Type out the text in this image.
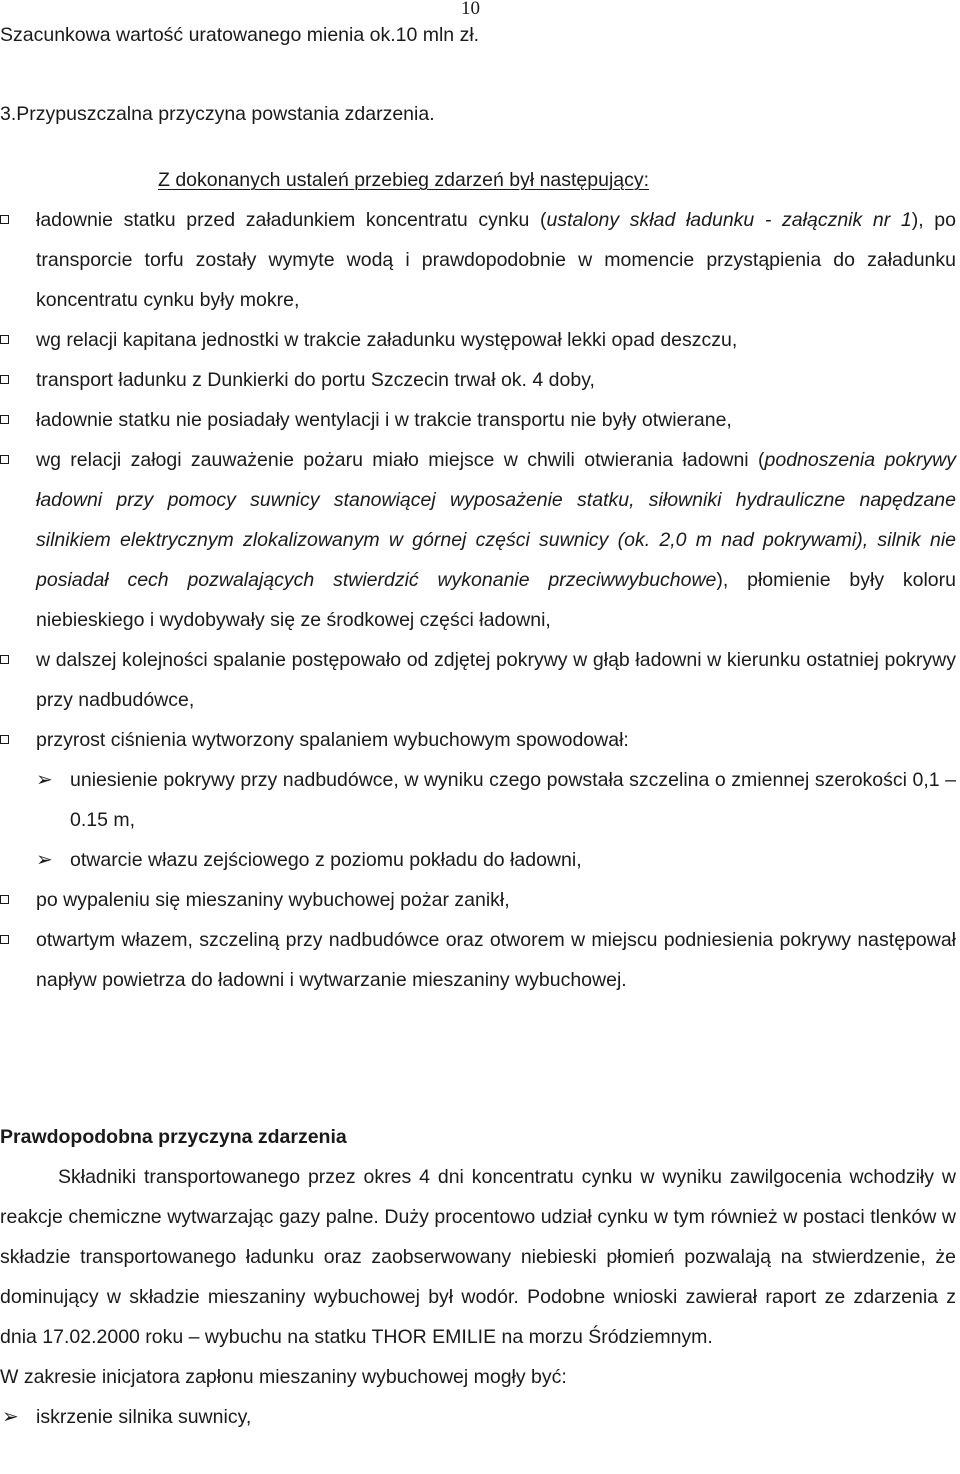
10
Szacunkowa wartość uratowanego mienia ok.10 mln zł.
3.Przypuszczalna przyczyna powstania zdarzenia.
Z dokonanych ustaleń przebieg zdarzeń był następujący:
ładownie statku przed załadunkiem koncentratu cynku (ustalony skład ładunku - załącznik nr 1), po transporcie torfu zostały wymyte wodą i prawdopodobnie w momencie przystąpienia do załadunku koncentratu cynku były mokre,
wg relacji kapitana jednostki w trakcie załadunku występował lekki opad deszczu,
transport ładunku z Dunkierki do portu Szczecin trwał ok. 4 doby,
ładownie statku nie posiadały wentylacji i w trakcie transportu nie były otwierane,
wg relacji załogi zauważenie pożaru miało miejsce w chwili otwierania ładowni (podnoszenia pokrywy ładowni przy pomocy suwnicy stanowiącej wyposażenie statku, siłowniki hydrauliczne napędzane silnikiem elektrycznym zlokalizowanym w górnej części suwnicy (ok. 2,0 m nad pokrywami), silnik nie posiadał cech pozwalających stwierdzić wykonanie przeciwwybuchowe), płomienie były koloru niebieskiego i wydobywały się ze środkowej części ładowni,
w dalszej kolejności spalanie postępowało od zdjętej pokrywy w głąb ładowni w kierunku ostatniej pokrywy przy nadbudówce,
przyrost ciśnienia wytworzony spalaniem wybuchowym spowodował:
➢ uniesienie pokrywy przy nadbudówce, w wyniku czego powstała szczelina o zmiennej szerokości 0,1 – 0.15 m,
➢ otwarcie włazu zejściowego z poziomu pokładu do ładowni,
po wypaleniu się mieszaniny wybuchowej pożar zanikł,
otwartym włazem, szczeliną przy nadbudówce oraz otworem w miejscu podniesienia pokrywy następował napływ powietrza do ładowni i wytwarzanie mieszaniny wybuchowej.
Prawdopodobna przyczyna zdarzenia
Składniki transportowanego przez okres 4 dni koncentratu cynku w wyniku zawilgocenia wchodziły w reakcje chemiczne wytwarzając gazy palne. Duży procentowo udział cynku w tym również w postaci tlenków w składzie transportowanego ładunku oraz zaobserwowany niebieski płomień pozwalają na stwierdzenie, że dominujący w składzie mieszaniny wybuchowej był wodór. Podobne wnioski zawierał raport ze zdarzenia z dnia 17.02.2000 roku – wybuchu na statku THOR EMILIE na morzu Śródziemnym.
W zakresie inicjatora zapłonu mieszaniny wybuchowej mogły być:
➢ iskrzenie silnika suwnicy,
